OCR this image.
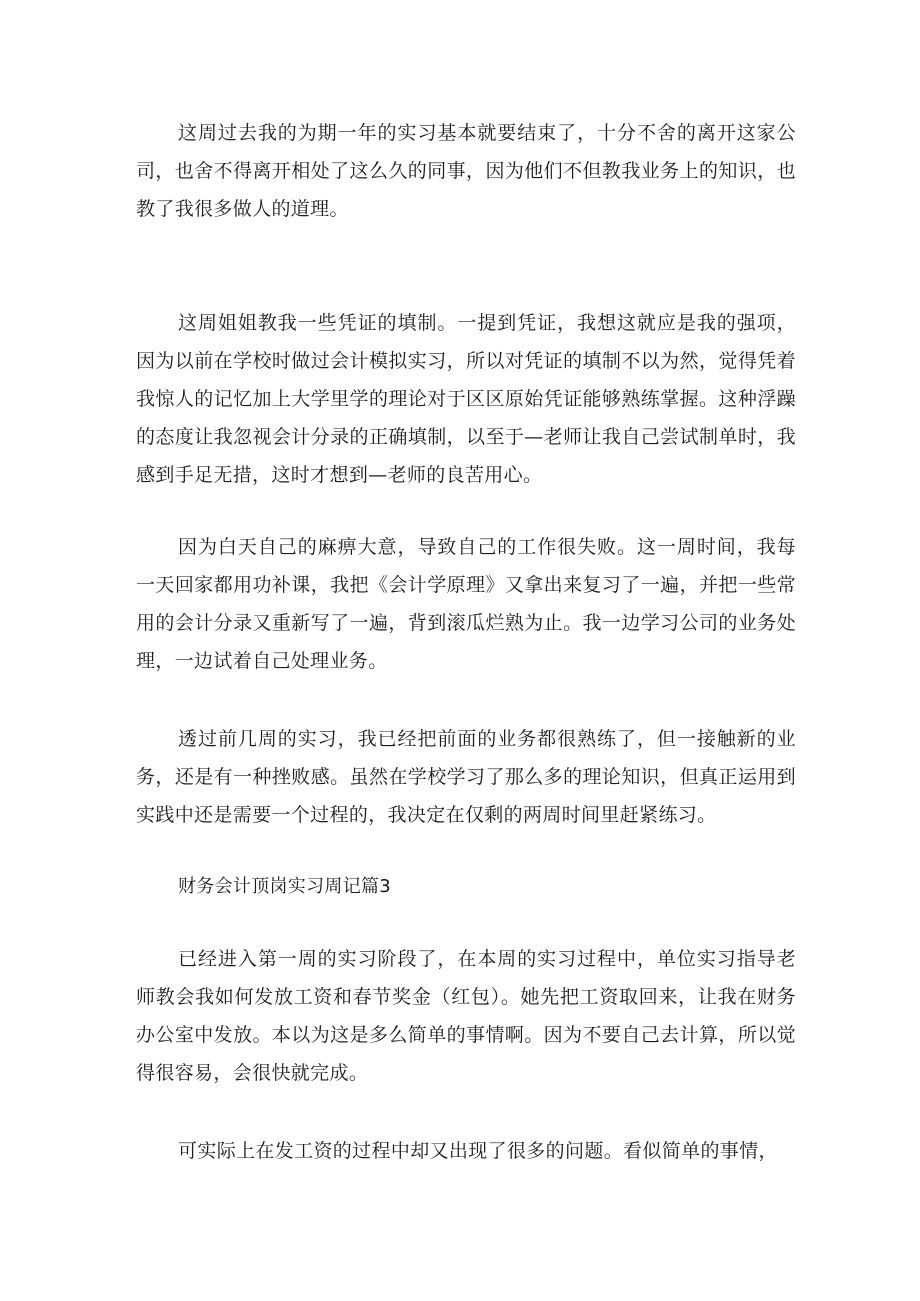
这周过去我的为期一年的实习基本就要结束了，十分不舍的离开这家公司，也舍不得离开相处了这么久的同事，因为他们不但教我业务上的知识，也教了我很多做人的道理。

这周姐姐教我一些凭证的填制。一提到凭证，我想这就应是我的强项，因为以前在学校时做过会计模拟实习，所以对凭证的填制不以为然，觉得凭着我惊人的记忆加上大学里学的理论对于区区原始凭证能够熟练掌握。这种浮躁的态度让我忽视会计分录的正确填制，以至于—老师让我自己尝试制单时，我感到手足无措，这时才想到—老师的良苦用心。

因为白天自己的麻痹大意，导致自己的工作很失败。这一周时间，我每一天回家都用功补课，我把《会计学原理》又拿出来复习了一遍，并把一些常用的会计分录又重新写了一遍，背到滚瓜烂熟为止。我一边学习公司的业务处理，一边试着自己处理业务。

透过前几周的实习，我已经把前面的业务都很熟练了，但一接触新的业务，还是有一种挫败感。虽然在学校学习了那么多的理论知识，但真正运用到实践中还是需要一个过程的，我决定在仅剩的两周时间里赶紧练习。

财务会计顶岗实习周记篇3

已经进入第一周的实习阶段了，在本周的实习过程中，单位实习指导老师教会我如何发放工资和春节奖金（红包）。她先把工资取回来，让我在财务办公室中发放。本以为这是多么简单的事情啊。因为不要自己去计算，所以觉得很容易，会很快就完成。

可实际上在发工资的过程中却又出现了很多的问题。看似简单的事情，
